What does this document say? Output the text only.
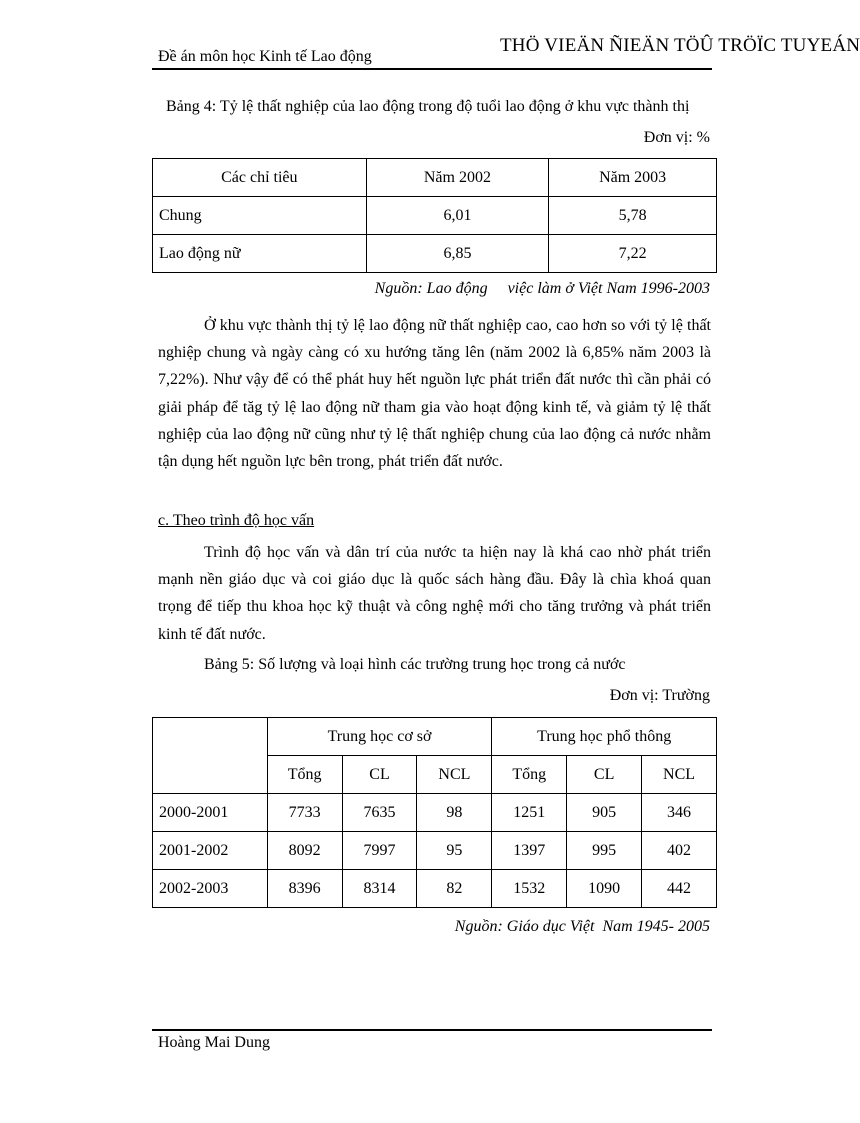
Đề án môn học Kinh tế Lao động
THÖ VIEÄN ÑIEÄN TÖÛ TRÖÏC TUYEÁN
Bảng 4: Tỷ lệ thất nghiệp của lao động trong độ tuổi lao động ở khu vực thành thị
Đơn vị: %
Các chỉ tiêu	Năm 2002	Năm 2003
Chung	6,01	5,78
Lao động nữ	6,85	7,22
Nguồn: Lao động     việc làm ở Việt Nam 1996-2003

Ở khu vực thành thị tỷ lệ lao động nữ thất nghiệp cao, cao hơn so với tỷ lệ thất nghiệp chung và ngày càng có xu hướng tăng lên (năm 2002 là 6,85% năm 2003 là 7,22%). Như vậy để có thể phát huy hết nguồn lực phát triển đất nước thì cần phải có giải pháp để tăg tỷ lệ lao động nữ tham gia vào hoạt động kinh tế, và giảm tỷ lệ thất nghiệp của lao động nữ cũng như tỷ lệ thất nghiệp chung của lao động cả nước nhằm tận dụng hết nguồn lực bên trong, phát triển đất nước.

c. Theo trình độ học vấn

Trình độ học vấn và dân trí của nước ta hiện nay là khá cao nhờ phát triển mạnh nền giáo dục và coi giáo dục là quốc sách hàng đầu. Đây là chìa khoá quan trọng để tiếp thu khoa học kỹ thuật và công nghệ mới cho tăng trưởng và phát triển kinh tế đất nước.

Bảng 5: Số lượng và loại hình các trường trung học trong cả nước
Đơn vị: Trường
	Trung học cơ sở			Trung học phổ thông		
	Tổng	CL	NCL	Tổng	CL	NCL
2000-2001	7733	7635	98	1251	905	346
2001-2002	8092	7997	95	1397	995	402
2002-2003	8396	8314	82	1532	1090	442
Nguồn: Giáo dục Việt  Nam 1945- 2005
Hoàng Mai Dung
